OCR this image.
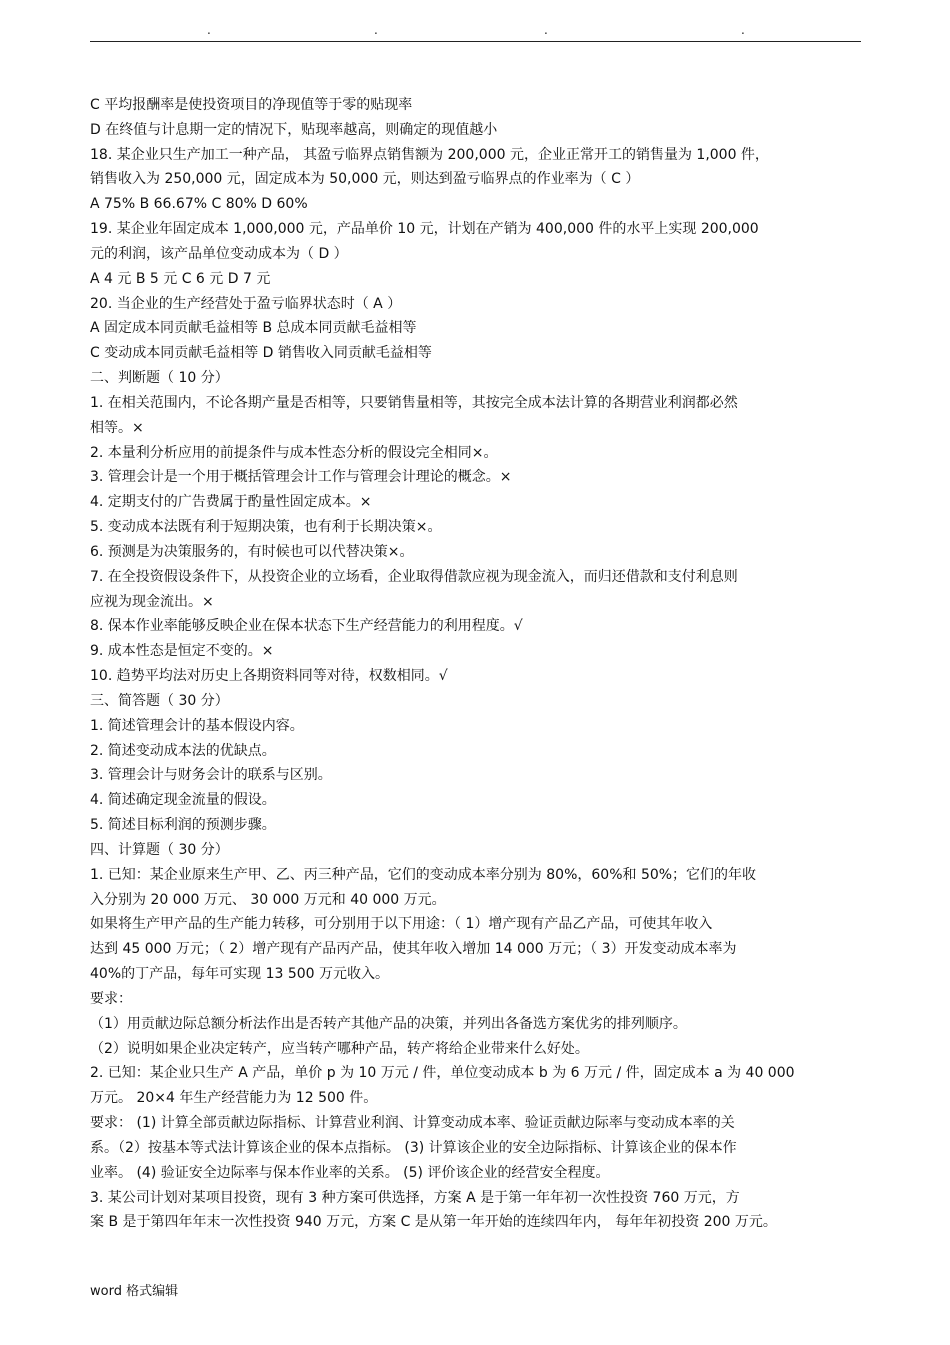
.	.	.	.
C 平均报酬率是使投资项目的净现值等于零的贴现率
D 在终值与计息期一定的情况下，贴现率越高，则确定的现值越小
18. 某企业只生产加工一种产品， 其盈亏临界点销售额为 200,000 元，企业正常开工的销售量为 1,000 件，
销售收入为 250,000 元，固定成本为 50,000 元，则达到盈亏临界点的作业率为（ C ）
A 75% B 66.67% C 80% D 60%
19. 某企业年固定成本 1,000,000 元，产品单价 10 元，计划在产销为 400,000 件的水平上实现 200,000
元的利润，该产品单位变动成本为（ D ）
A 4 元 B 5 元 C 6 元 D 7 元
20. 当企业的生产经营处于盈亏临界状态时（ A ）
A 固定成本同贡献毛益相等 B 总成本同贡献毛益相等
C 变动成本同贡献毛益相等 D 销售收入同贡献毛益相等
二、判断题（ 10 分）
1. 在相关范围内，不论各期产量是否相等，只要销售量相等，其按完全成本法计算的各期营业利润都必然
相等。×
2. 本量利分析应用的前提条件与成本性态分析的假设完全相同×。
3. 管理会计是一个用于概括管理会计工作与管理会计理论的概念。×
4. 定期支付的广告费属于酌量性固定成本。×
5. 变动成本法既有利于短期决策，也有利于长期决策×。
6. 预测是为决策服务的，有时候也可以代替决策×。
7. 在全投资假设条件下，从投资企业的立场看，企业取得借款应视为现金流入，而归还借款和支付利息则
应视为现金流出。×
8. 保本作业率能够反映企业在保本状态下生产经营能力的利用程度。√
9. 成本性态是恒定不变的。×
10. 趋势平均法对历史上各期资料同等对待，权数相同。√
三、简答题（ 30 分）
1. 简述管理会计的基本假设内容。
2. 简述变动成本法的优缺点。
3. 管理会计与财务会计的联系与区别。
4. 简述确定现金流量的假设。
5. 简述目标利润的预测步骤。
四、计算题（ 30 分）
1. 已知：某企业原来生产甲、乙、丙三种产品，它们的变动成本率分别为 80%，60%和 50%；它们的年收
入分别为 20 000 万元、 30 000 万元和 40 000 万元。
如果将生产甲产品的生产能力转移，可分别用于以下用途：（ 1）增产现有产品乙产品，可使其年收入
达到 45 000 万元；（ 2）增产现有产品丙产品，使其年收入增加 14 000 万元；（ 3）开发变动成本率为
40%的丁产品，每年可实现 13 500 万元收入。
要求：
（1）用贡献边际总额分析法作出是否转产其他产品的决策，并列出各备选方案优劣的排列顺序。
（2）说明如果企业决定转产，应当转产哪种产品，转产将给企业带来什么好处。
2. 已知：某企业只生产 A 产品，单价 p 为 10 万元 / 件，单位变动成本 b 为 6 万元 / 件，固定成本 a 为 40 000
万元。 20×4 年生产经营能力为 12 500 件。
要求： (1) 计算全部贡献边际指标、计算营业利润、计算变动成本率、验证贡献边际率与变动成本率的关
系。（2）按基本等式法计算该企业的保本点指标。 (3) 计算该企业的安全边际指标、计算该企业的保本作
业率。 (4) 验证安全边际率与保本作业率的关系。 (5) 评价该企业的经营安全程度。
3. 某公司计划对某项目投资，现有 3 种方案可供选择，方案 A 是于第一年年初一次性投资 760 万元，方
案 B 是于第四年年末一次性投资 940 万元，方案 C 是从第一年开始的连续四年内， 每年年初投资 200 万元。
word 格式编辑
